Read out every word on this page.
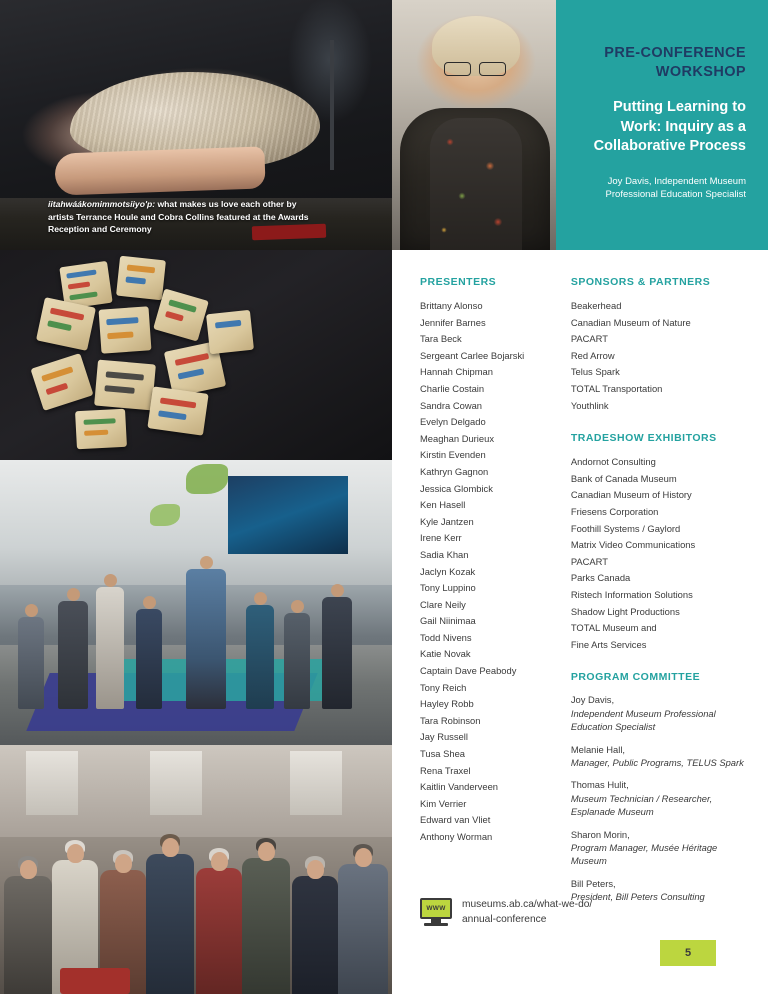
iitahwáákomimmotsiiyo'p: what makes us love each other by artists Terrance Houle and Cobra Collins featured at the Awards Reception and Ceremony
PRE-CONFERENCE WORKSHOP
Putting Learning to Work: Inquiry as a Collaborative Process
Joy Davis, Independent Museum Professional Education Specialist
PRESENTERS
Brittany Alonso
Jennifer Barnes
Tara Beck
Sergeant Carlee Bojarski
Hannah Chipman
Charlie Costain
Sandra Cowan
Evelyn Delgado
Meaghan Durieux
Kirstin Evenden
Kathryn Gagnon
Jessica Glombick
Ken Hasell
Kyle Jantzen
Irene Kerr
Sadia Khan
Jaclyn Kozak
Tony Luppino
Clare Neily
Gail Niinimaa
Todd Nivens
Katie Novak
Captain Dave Peabody
Tony Reich
Hayley Robb
Tara Robinson
Jay Russell
Tusa Shea
Rena Traxel
Kaitlin Vanderveen
Kim Verrier
Edward van Vliet
Anthony Worman
SPONSORS & PARTNERS
Beakerhead
Canadian Museum of Nature
PACART
Red Arrow
Telus Spark
TOTAL Transportation
Youthlink
TRADESHOW EXHIBITORS
Andornot Consulting
Bank of Canada Museum
Canadian Museum of History
Friesens Corporation
Foothill Systems / Gaylord
Matrix Video Communications
PACART
Parks Canada
Ristech Information Solutions
Shadow Light Productions
TOTAL Museum and
Fine Arts Services
PROGRAM COMMITTEE
Joy Davis,
Independent Museum Professional Education Specialist
Melanie Hall,
Manager, Public Programs, TELUS Spark
Thomas Hulit,
Museum Technician / Researcher, Esplanade Museum
Sharon Morin,
Program Manager, Musée Héritage Museum
Bill Peters,
President, Bill Peters Consulting
WWW	museums.ab.ca/what-we-do/
annual-conference
5
